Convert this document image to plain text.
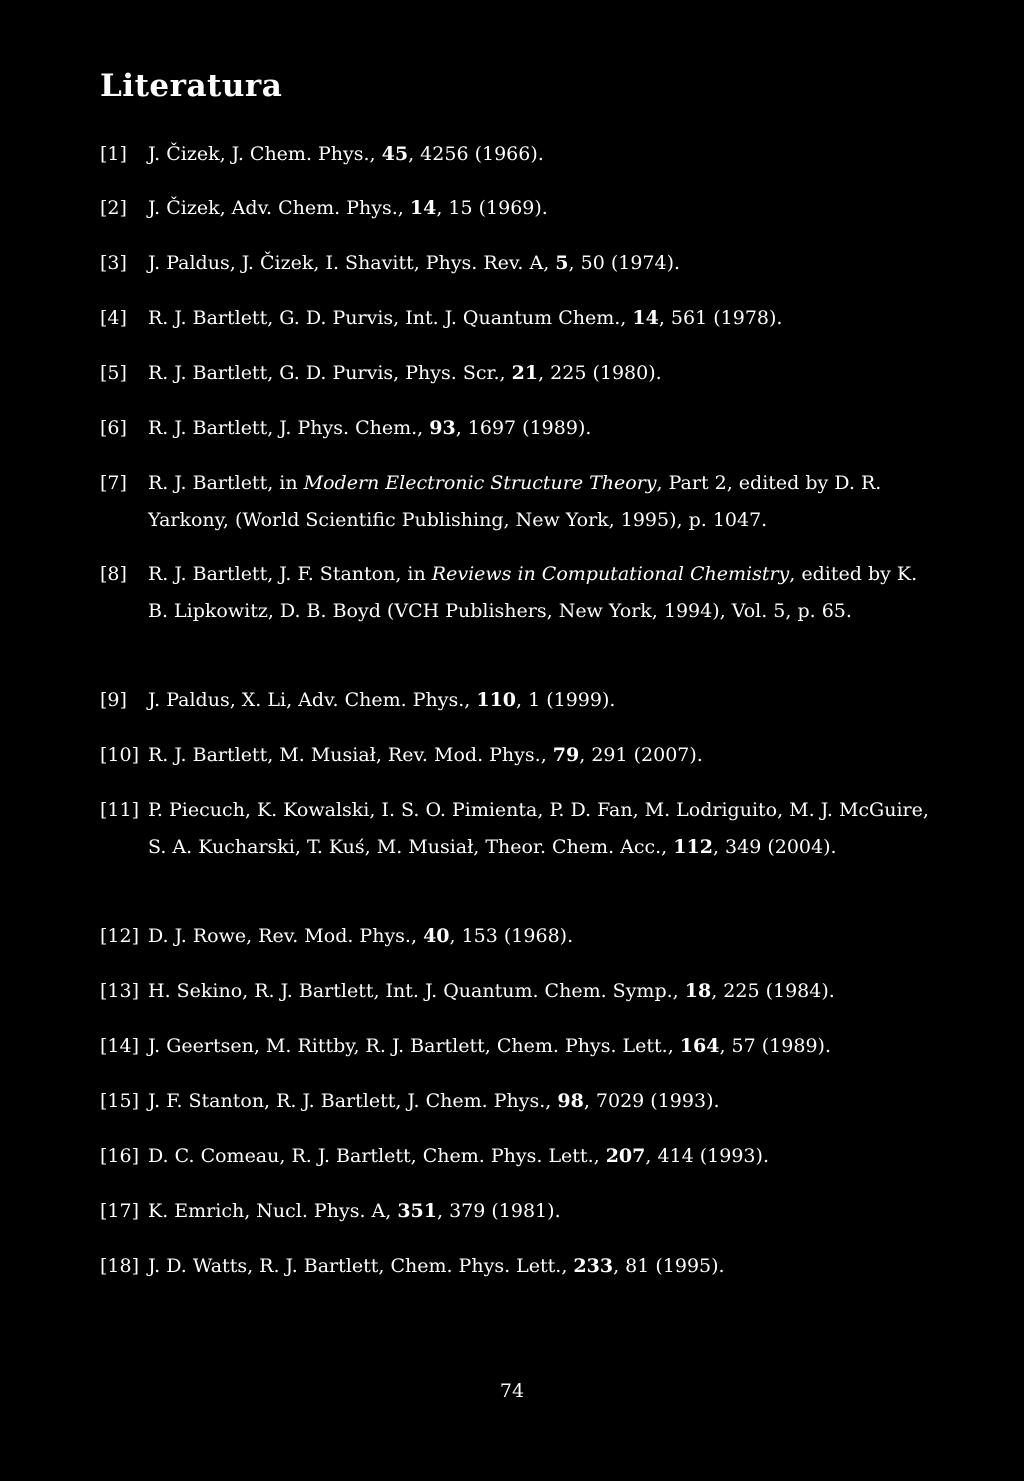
Literatura
[1] J. Čizek, J. Chem. Phys., 45, 4256 (1966).
[2] J. Čizek, Adv. Chem. Phys., 14, 15 (1969).
[3] J. Paldus, J. Čizek, I. Shavitt, Phys. Rev. A, 5, 50 (1974).
[4] R. J. Bartlett, G. D. Purvis, Int. J. Quantum Chem., 14, 561 (1978).
[5] R. J. Bartlett, G. D. Purvis, Phys. Scr., 21, 225 (1980).
[6] R. J. Bartlett, J. Phys. Chem., 93, 1697 (1989).
[7] R. J. Bartlett, in Modern Electronic Structure Theory, Part 2, edited by D. R. Yarkony, (World Scientific Publishing, New York, 1995), p. 1047.
[8] R. J. Bartlett, J. F. Stanton, in Reviews in Computational Chemistry, edited by K. B. Lipkowitz, D. B. Boyd (VCH Publishers, New York, 1994), Vol. 5, p. 65.
[9] J. Paldus, X. Li, Adv. Chem. Phys., 110, 1 (1999).
[10] R. J. Bartlett, M. Musiał, Rev. Mod. Phys., 79, 291 (2007).
[11] P. Piecuch, K. Kowalski, I. S. O. Pimienta, P. D. Fan, M. Lodriguito, M. J. McGuire, S. A. Kucharski, T. Kuś, M. Musiał, Theor. Chem. Acc., 112, 349 (2004).
[12] D. J. Rowe, Rev. Mod. Phys., 40, 153 (1968).
[13] H. Sekino, R. J. Bartlett, Int. J. Quantum. Chem. Symp., 18, 225 (1984).
[14] J. Geertsen, M. Rittby, R. J. Bartlett, Chem. Phys. Lett., 164, 57 (1989).
[15] J. F. Stanton, R. J. Bartlett, J. Chem. Phys., 98, 7029 (1993).
[16] D. C. Comeau, R. J. Bartlett, Chem. Phys. Lett., 207, 414 (1993).
[17] K. Emrich, Nucl. Phys. A, 351, 379 (1981).
[18] J. D. Watts, R. J. Bartlett, Chem. Phys. Lett., 233, 81 (1995).
74
